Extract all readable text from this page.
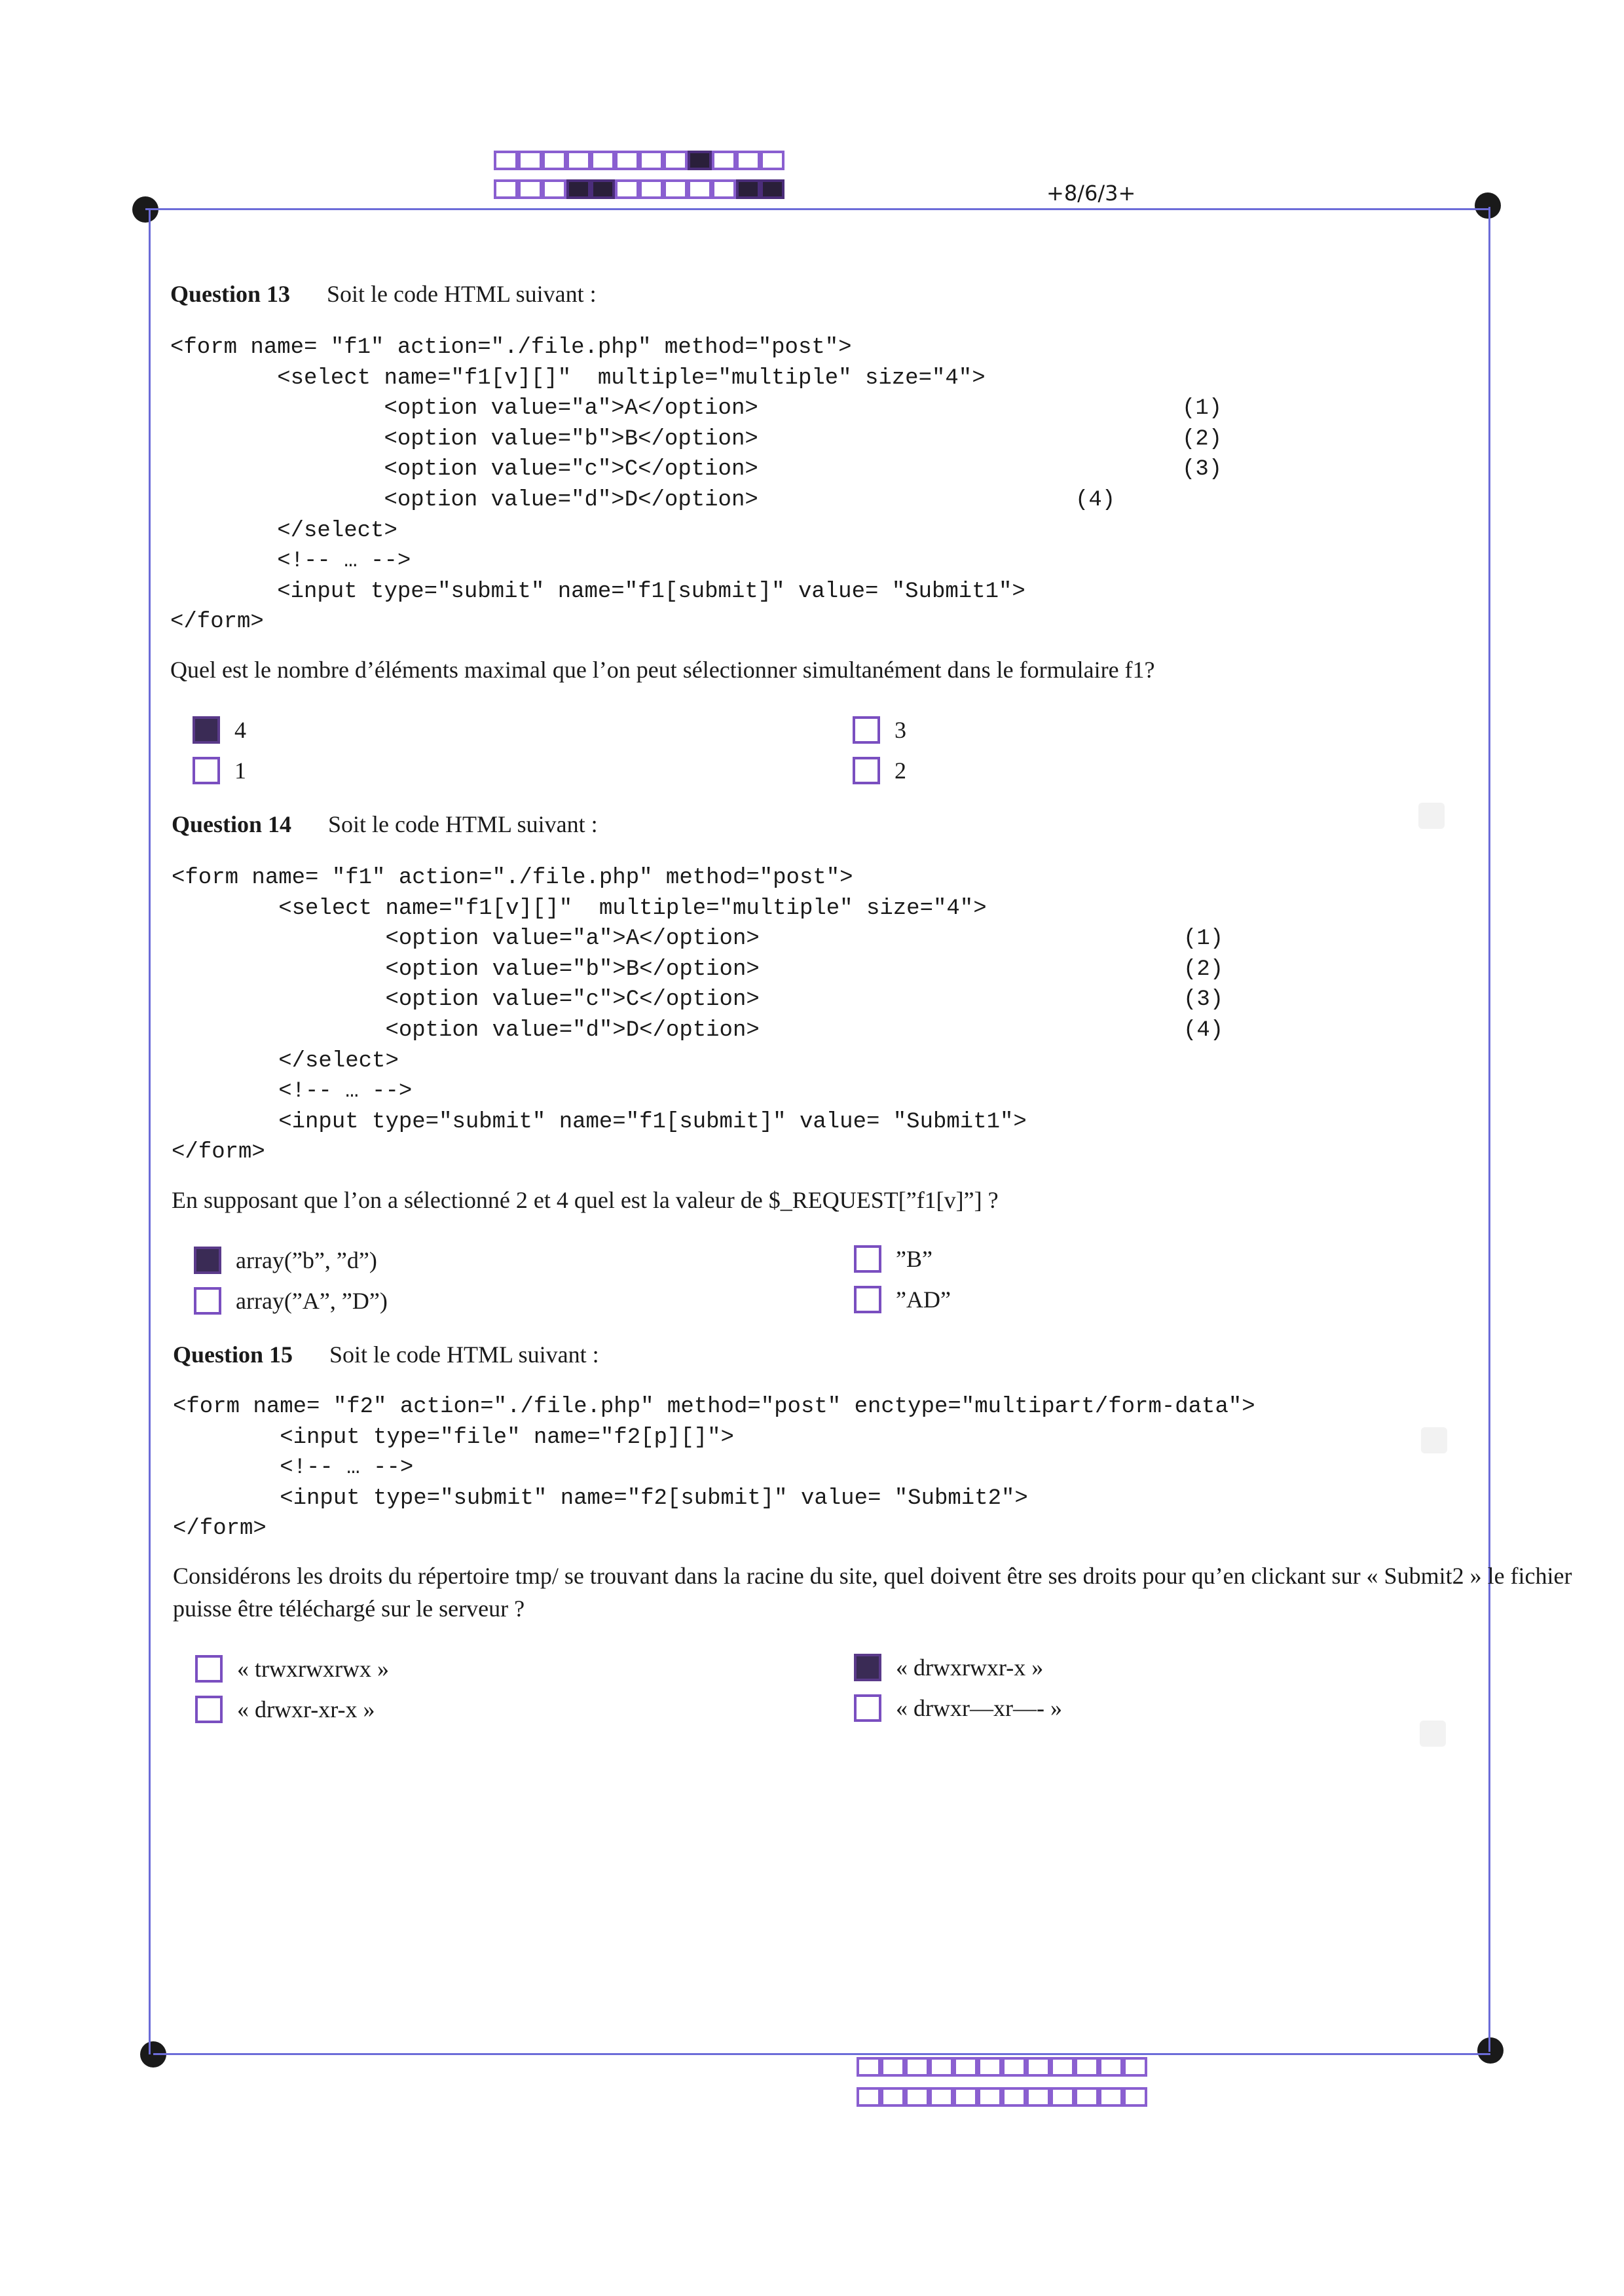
+8/6/3+
Question 13 Soit le code HTML suivant :
<form name= "f1" action="./file.php" method="post">
<select name="f1[v][]"  multiple="multiple" size="4">
<option value="a">A</option>	(1)
<option value="b">B</option>	(2)
<option value="c">C</option>	(3)
<option value="d">D</option>	(4)
</select>
<!-- … -->
<input type="submit" name="f1[submit]" value= "Submit1">
</form>
Quel est le nombre d’éléments maximal que l’on peut sélectionner simultanément dans le formulaire f1?
4	3
1	2
Question 14 Soit le code HTML suivant :
<form name= "f1" action="./file.php" method="post">
<select name="f1[v][]"  multiple="multiple" size="4">
<option value="a">A</option>	(1)
<option value="b">B</option>	(2)
<option value="c">C</option>	(3)
<option value="d">D</option>	(4)
</select>
<!-- … -->
<input type="submit" name="f1[submit]" value= "Submit1">
</form>
En supposant que l’on a sélectionné 2 et 4 quel est la valeur de $_REQUEST[”f1[v]”] ?
array(”b”, ”d”)	”B”
array(”A”, ”D”)	”AD”
Question 15 Soit le code HTML suivant :
<form name= "f2" action="./file.php" method="post" enctype="multipart/form-data">
<input type="file" name="f2[p][]">
<!-- … -->
<input type="submit" name="f2[submit]" value= "Submit2">
</form>
Considérons les droits du répertoire tmp/ se trouvant dans la racine du site, quel doivent être ses droits pour qu’en clickant sur « Submit2 » le fichier puisse être téléchargé sur le serveur ?
« trwxrwxrwx »	« drwxrwxr-x »
« drwxr-xr-x »	« drwxr—xr—- »
